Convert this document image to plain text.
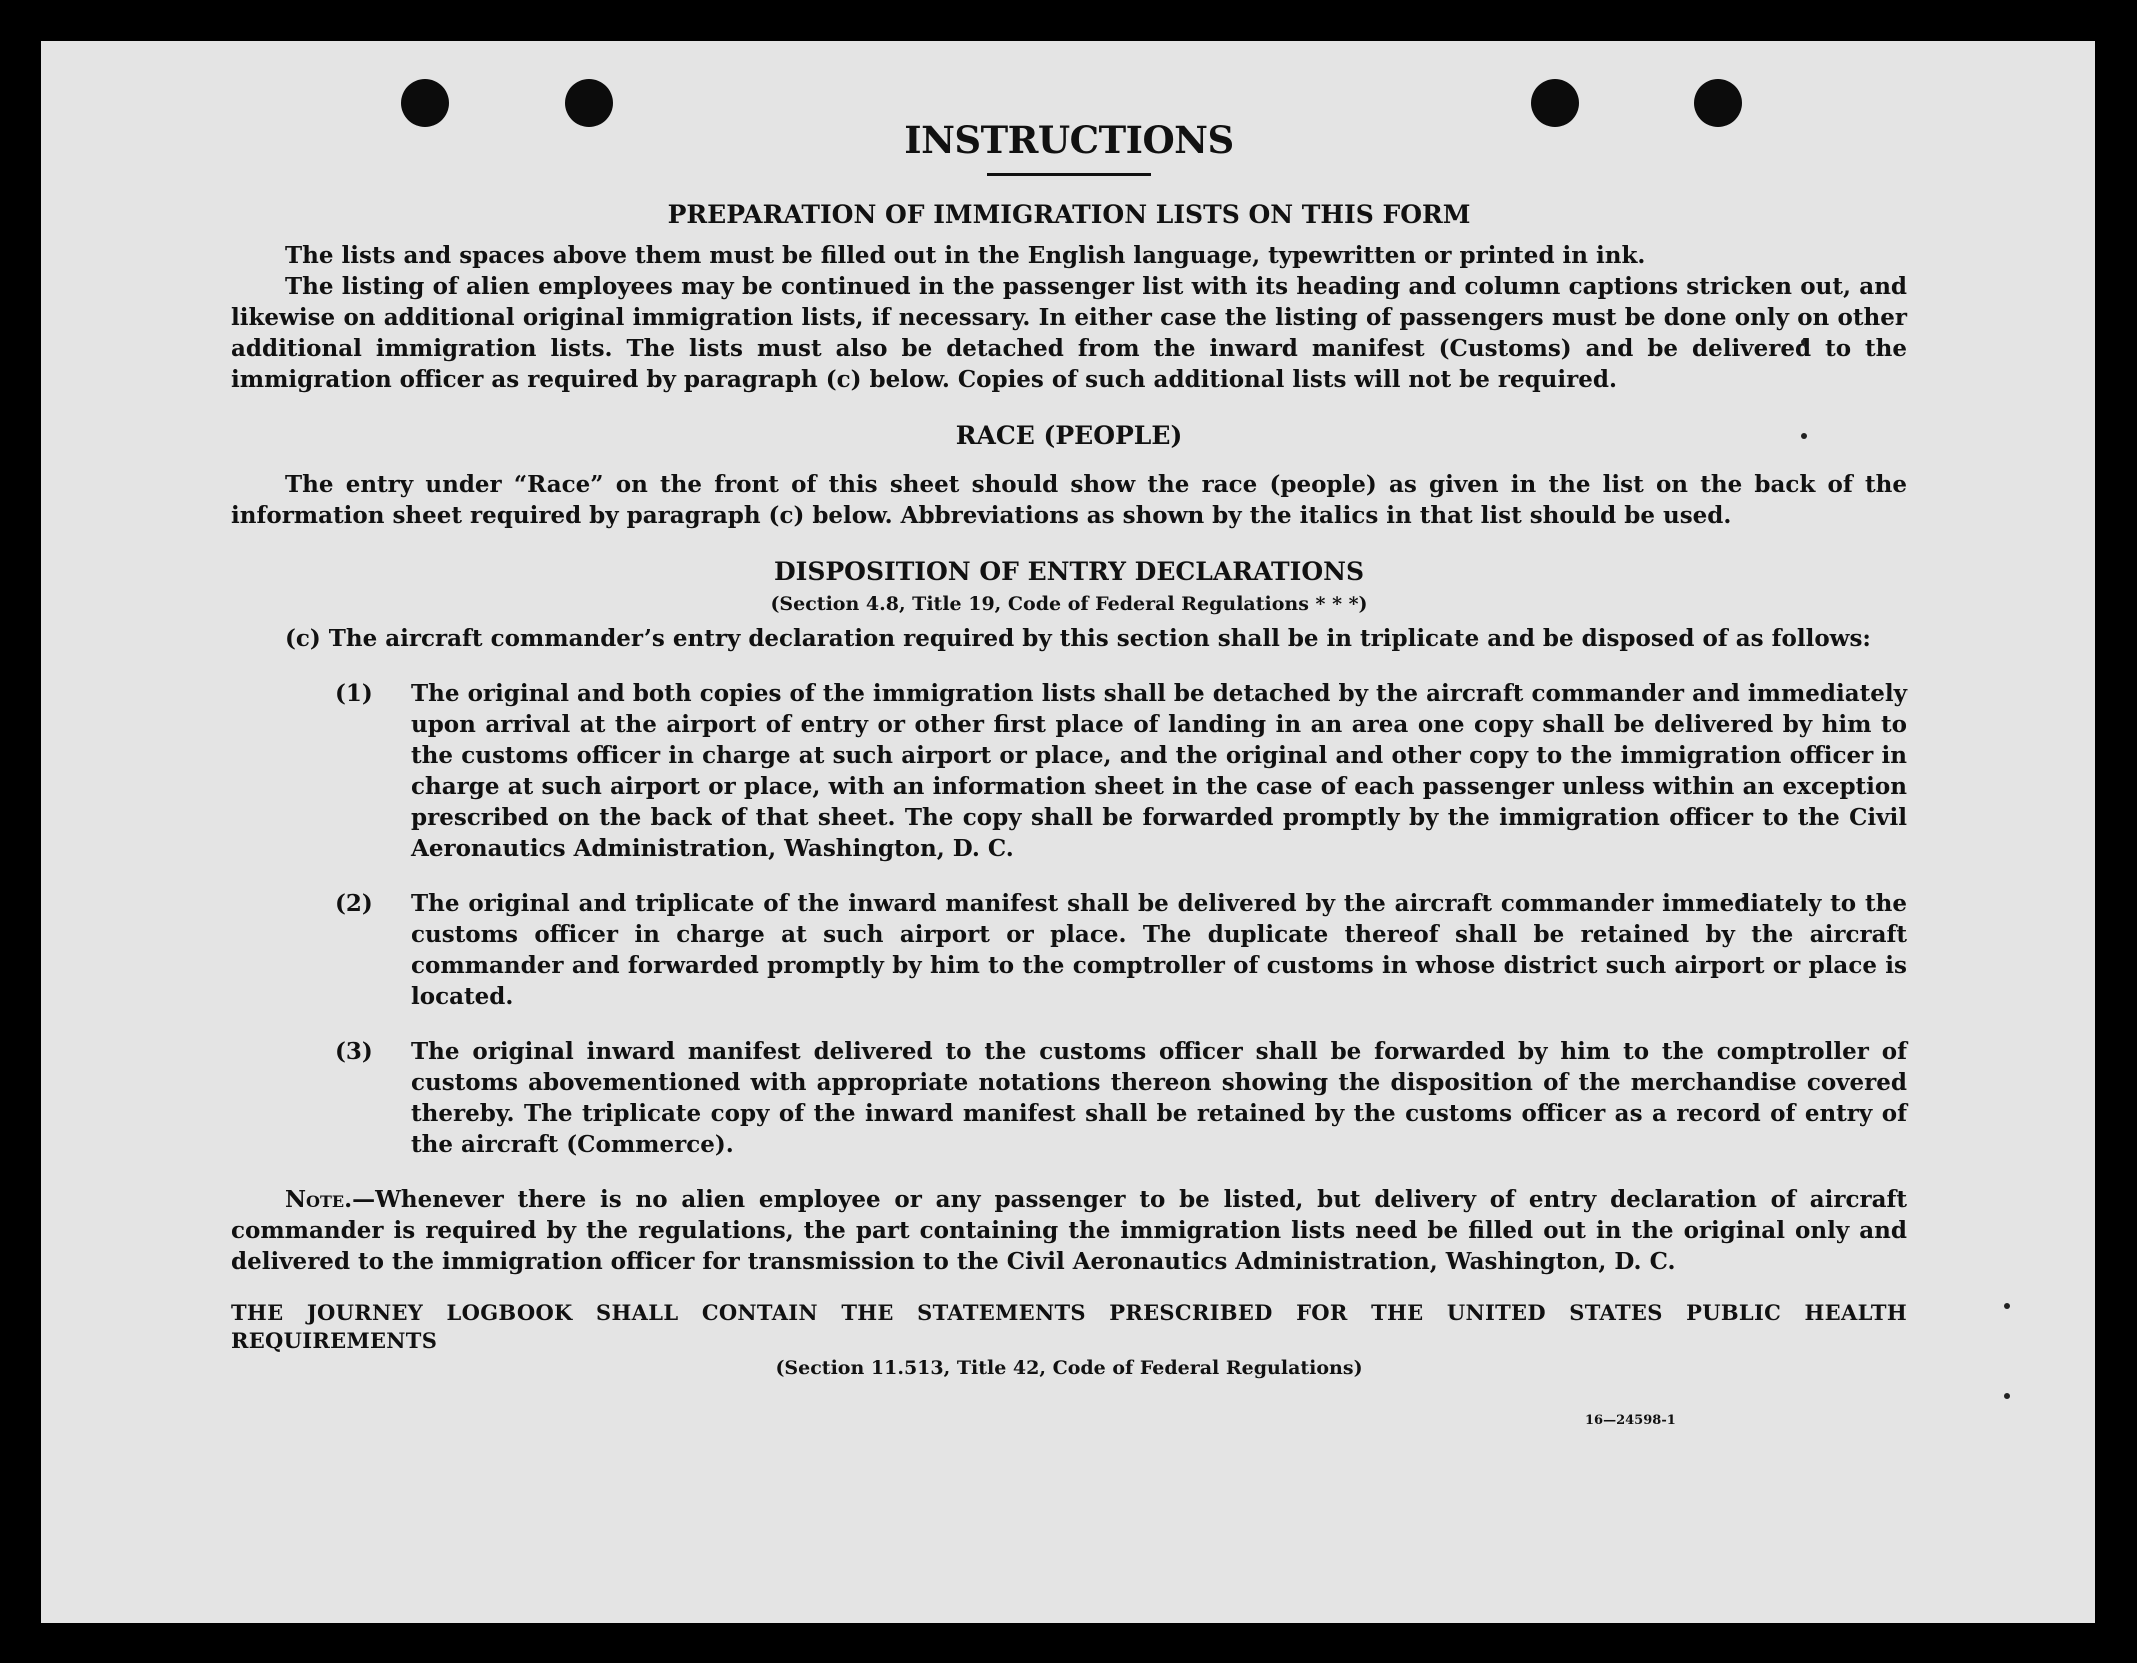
INSTRUCTIONS
PREPARATION OF IMMIGRATION LISTS ON THIS FORM

The lists and spaces above them must be filled out in the English language, typewritten or printed in ink.

The listing of alien employees may be continued in the passenger list with its heading and column captions stricken out, and likewise on additional original immigration lists, if necessary. In either case the listing of passengers must be done only on other additional immigration lists. The lists must also be detached from the inward manifest (Customs) and be delivered to the immigration officer as required by paragraph (c) below. Copies of such additional lists will not be required.

RACE (PEOPLE)

The entry under “Race” on the front of this sheet should show the race (people) as given in the list on the back of the information sheet required by paragraph (c) below. Abbreviations as shown by the italics in that list should be used.

DISPOSITION OF ENTRY DECLARATIONS
(Section 4.8, Title 19, Code of Federal Regulations * * *)

(c) The aircraft commander’s entry declaration required by this section shall be in triplicate and be disposed of as follows:

(1) The original and both copies of the immigration lists shall be detached by the aircraft commander and immediately upon arrival at the airport of entry or other first place of landing in an area one copy shall be delivered by him to the customs officer in charge at such airport or place, and the original and other copy to the immigration officer in charge at such airport or place, with an information sheet in the case of each passenger unless within an exception prescribed on the back of that sheet. The copy shall be forwarded promptly by the immigration officer to the Civil Aeronautics Administration, Washington, D. C.

(2) The original and triplicate of the inward manifest shall be delivered by the aircraft commander immediately to the customs officer in charge at such airport or place. The duplicate thereof shall be retained by the aircraft commander and forwarded promptly by him to the comptroller of customs in whose district such airport or place is located.

(3) The original inward manifest delivered to the customs officer shall be forwarded by him to the comptroller of customs abovementioned with appropriate notations thereon showing the disposition of the merchandise covered thereby. The triplicate copy of the inward manifest shall be retained by the customs officer as a record of entry of the aircraft (Commerce).

Note.—Whenever there is no alien employee or any passenger to be listed, but delivery of entry declaration of aircraft commander is required by the regulations, the part containing the immigration lists need be filled out in the original only and delivered to the immigration officer for transmission to the Civil Aeronautics Administration, Washington, D. C.

THE JOURNEY LOGBOOK SHALL CONTAIN THE STATEMENTS PRESCRIBED FOR THE UNITED STATES PUBLIC HEALTH REQUIREMENTS
(Section 11.513, Title 42, Code of Federal Regulations)
16—24598-1
